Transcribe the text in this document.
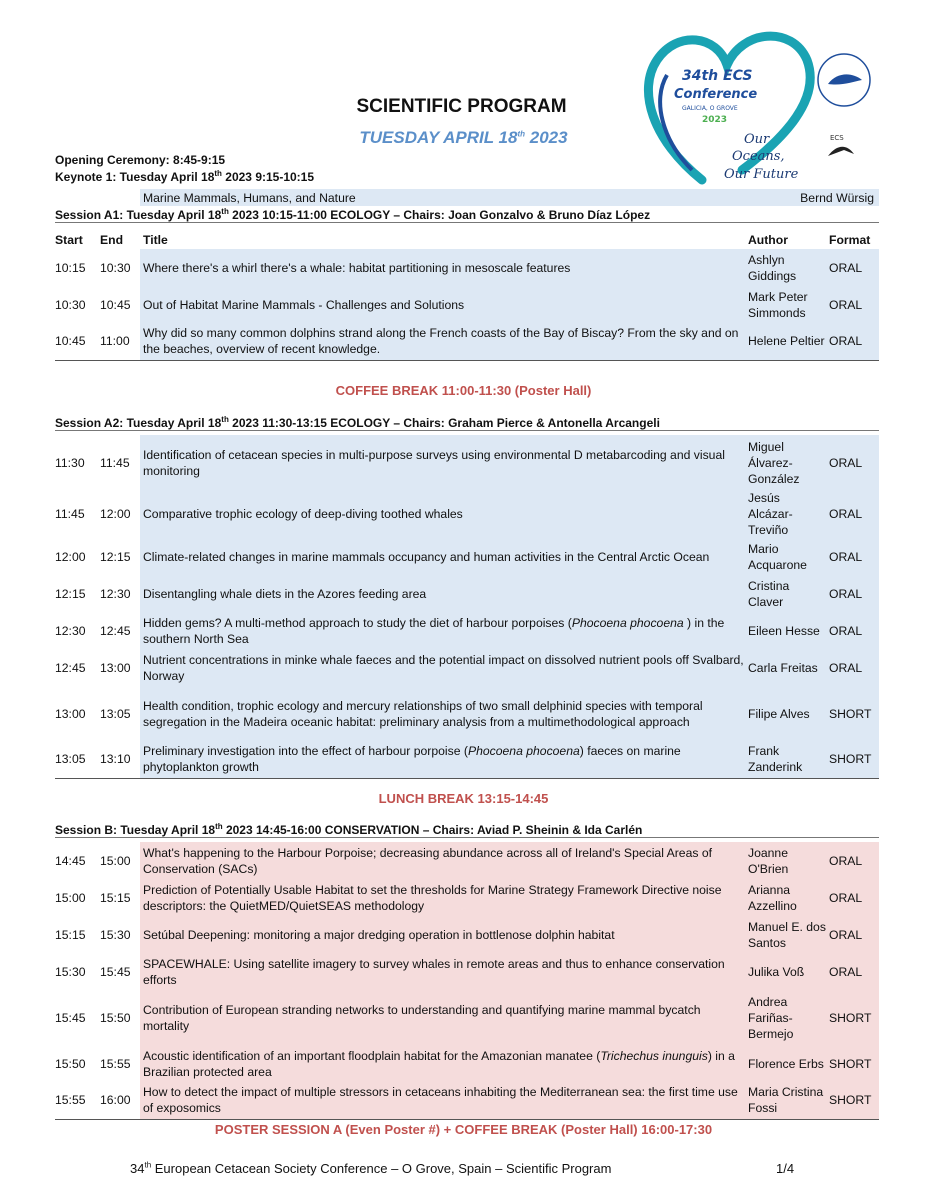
34th ECS
Conference
GALICIA, O GROVE
2023
Our
Oceans,
Our Future
ECS
SCIENTIFIC PROGRAM
TUESDAY APRIL 18th 2023
Opening Ceremony: 8:45-9:15
Keynote 1: Tuesday April 18th 2023 9:15-10:15
		Marine Mammals, Humans, and Nature	Bernd Würsig
Session A1: Tuesday April 18th 2023 10:15-11:00 ECOLOGY – Chairs: Joan Gonzalvo & Bruno Díaz López
Start	End	Title	Author	Format
10:15	10:30	Where there's a whirl there's a whale: habitat partitioning in mesoscale features	Ashlyn Giddings	ORAL
10:30	10:45	Out of Habitat Marine Mammals - Challenges and Solutions	Mark Peter Simmonds	ORAL
10:45	11:00	Why did so many common dolphins strand along the French coasts of the Bay of Biscay? From the sky and on the beaches, overview of recent knowledge.	Helene Peltier	ORAL
COFFEE BREAK 11:00-11:30 (Poster Hall)
Session A2: Tuesday April 18th 2023 11:30-13:15 ECOLOGY – Chairs: Graham Pierce & Antonella Arcangeli
11:30	11:45	Identification of cetacean species in multi-purpose surveys using environmental D metabarcoding and visual monitoring	Miguel Álvarez-González	ORAL
11:45	12:00	Comparative trophic ecology of deep-diving toothed whales	Jesús Alcázar-Treviño	ORAL
12:00	12:15	Climate-related changes in marine mammals occupancy and human activities in the Central Arctic Ocean	Mario Acquarone	ORAL
12:15	12:30	Disentangling whale diets in the Azores feeding area	Cristina Claver	ORAL
12:30	12:45	Hidden gems? A multi-method approach to study the diet of harbour porpoises (Phocoena phocoena ) in the southern North Sea	Eileen Hesse	ORAL
12:45	13:00	Nutrient concentrations in minke whale faeces and the potential impact on dissolved nutrient pools off Svalbard, Norway	Carla Freitas	ORAL
13:00	13:05	Health condition, trophic ecology and mercury relationships of two small delphinid species with temporal segregation in the Madeira oceanic habitat: preliminary analysis from a multimethodological approach	Filipe Alves	SHORT
13:05	13:10	Preliminary investigation into the effect of harbour porpoise (Phocoena phocoena) faeces on marine phytoplankton growth	Frank Zanderink	SHORT
LUNCH BREAK 13:15-14:45
Session B: Tuesday April 18th 2023 14:45-16:00 CONSERVATION – Chairs: Aviad P. Sheinin & Ida Carlén
14:45	15:00	What's happening to the Harbour Porpoise; decreasing abundance across all of Ireland's Special Areas of Conservation (SACs)	Joanne O'Brien	ORAL
15:00	15:15	Prediction of Potentially Usable Habitat to set the thresholds for Marine Strategy Framework Directive noise descriptors: the QuietMED/QuietSEAS methodology	Arianna Azzellino	ORAL
15:15	15:30	Setúbal Deepening: monitoring a major dredging operation in bottlenose dolphin habitat	Manuel E. dos Santos	ORAL
15:30	15:45	SPACEWHALE: Using satellite imagery to survey whales in remote areas and thus to enhance conservation efforts	Julika Voß	ORAL
15:45	15:50	Contribution of European stranding networks to understanding and quantifying marine mammal bycatch mortality	Andrea Fariñas-Bermejo	SHORT
15:50	15:55	Acoustic identification of an important floodplain habitat for the Amazonian manatee (Trichechus inunguis) in a Brazilian protected area	Florence Erbs	SHORT
15:55	16:00	How to detect the impact of multiple stressors in cetaceans inhabiting the Mediterranean sea: the first time use of exposomics	Maria Cristina Fossi	SHORT
POSTER SESSION A (Even Poster #) + COFFEE BREAK (Poster Hall) 16:00-17:30
34th European Cetacean Society Conference – O Grove, Spain – Scientific Program	1/4
